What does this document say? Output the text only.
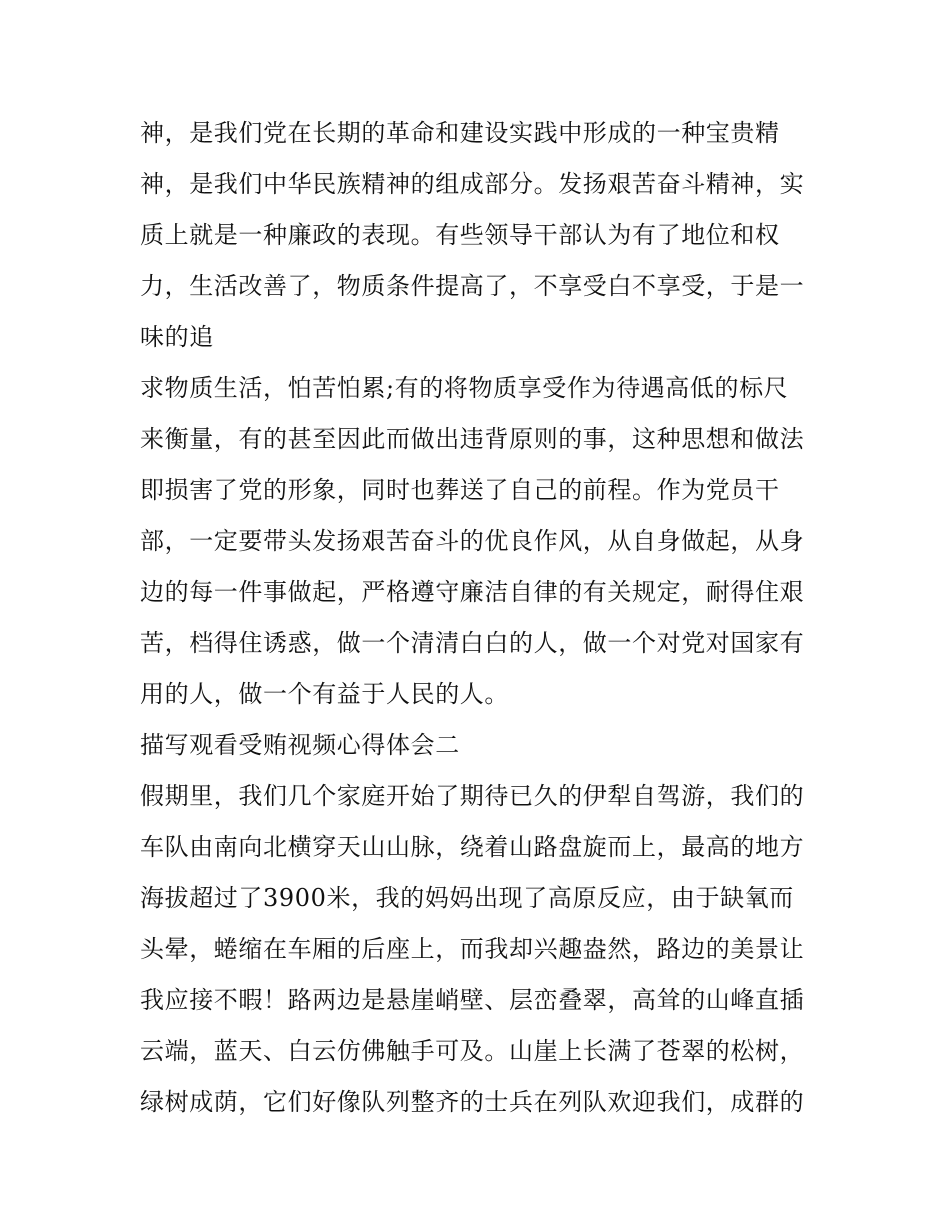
神，是我们党在长期的革命和建设实践中形成的一种宝贵精
神，是我们中华民族精神的组成部分。发扬艰苦奋斗精神，实
质上就是一种廉政的表现。有些领导干部认为有了地位和权
力，生活改善了，物质条件提高了，不享受白不享受，于是一
味的追
求物质生活，怕苦怕累;有的将物质享受作为待遇高低的标尺
来衡量，有的甚至因此而做出违背原则的事，这种思想和做法
即损害了党的形象，同时也葬送了自己的前程。作为党员干
部，一定要带头发扬艰苦奋斗的优良作风，从自身做起，从身
边的每一件事做起，严格遵守廉洁自律的有关规定，耐得住艰
苦，档得住诱惑，做一个清清白白的人，做一个对党对国家有
用的人，做一个有益于人民的人。
描写观看受贿视频心得体会二
假期里，我们几个家庭开始了期待已久的伊犁自驾游，我们的
车队由南向北横穿天山山脉，绕着山路盘旋而上，最高的地方
海拔超过了3900米，我的妈妈出现了高原反应，由于缺氧而
头晕，蜷缩在车厢的后座上，而我却兴趣盎然，路边的美景让
我应接不暇！路两边是悬崖峭壁、层峦叠翠，高耸的山峰直插
云端，蓝天、白云仿佛触手可及。山崖上长满了苍翠的松树，
绿树成荫，它们好像队列整齐的士兵在列队欢迎我们，成群的
